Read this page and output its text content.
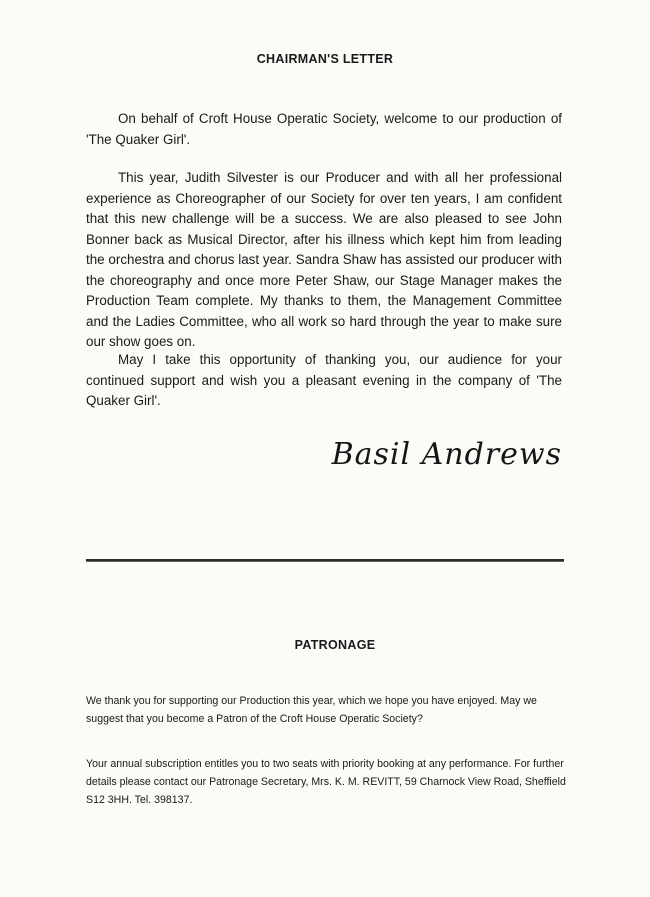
CHAIRMAN'S LETTER

On behalf of Croft House Operatic Society, welcome to our production of 'The Quaker Girl'.

This year, Judith Silvester is our Producer and with all her professional experience as Choreographer of our Society for over ten years, I am confident that this new challenge will be a success. We are also pleased to see John Bonner back as Musical Director, after his illness which kept him from leading the orchestra and chorus last year. Sandra Shaw has assisted our producer with the choreography and once more Peter Shaw, our Stage Manager makes the Production Team complete. My thanks to them, the Management Committee and the Ladies Committee, who all work so hard through the year to make sure our show goes on.

May I take this opportunity of thanking you, our audience for your continued support and wish you a pleasant evening in the company of 'The Quaker Girl'.

Basil Andrews
PATRONAGE

We thank you for supporting our Production this year, which we hope you have enjoyed. May we suggest that you become a Patron of the Croft House Operatic Society?

Your annual subscription entitles you to two seats with priority booking at any performance. For further details please contact our Patronage Secretary, Mrs. K. M. REVITT, 59 Charnock View Road, Sheffield S12 3HH. Tel. 398137.
